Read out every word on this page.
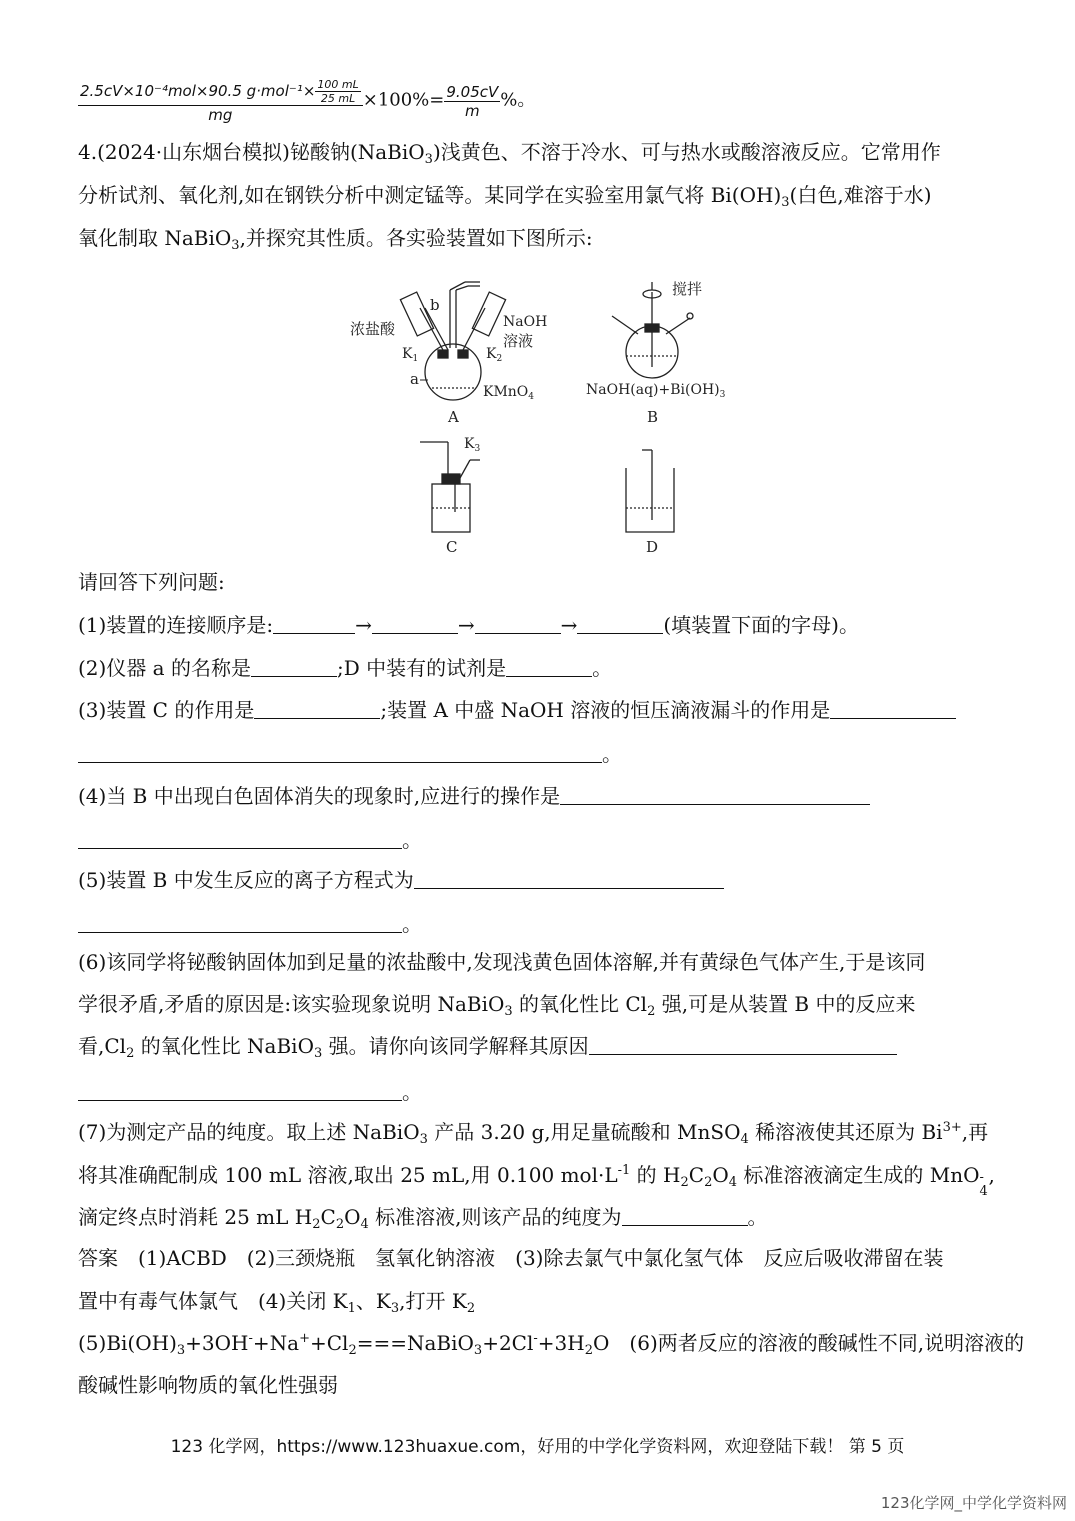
$\frac{2.5cV\times 10^{-4}mol\times 90.5 g\cdot mol^{-1}\times \frac{100 mL}{25 mL}}{mg} \times 100\%= \frac{9.05cV}{m}$ %。
4.(2024·山东烟台模拟)铋酸钠(NaBiO$_3$)浅黄色、不溶于冷水、可与热水或酸溶液反应。它常用作
分析试剂、氧化剂,如在钢铁分析中测定锰等。某同学在实验室用氯气将 $Bi(OH)_3$(白色,难溶于水)
氧化制取 NaBiO$_3$,并探究其性质。各实验装置如下图所示:
浓盐酸
b
NaOH
溶液
$K_1$	$K_2$
a
KMnO$_4$
A
搅拌
$NaOH(aq)+Bi(OH)_3$
B
$K_3$
C	D
请回答下列问题:
(1)装置的连接顺序是:	→	→	→	(填装置下面的字母)。
(2)仪器 a 的名称是	;D 中装有的试剂是	。
(3)装置 C 的作用是	;装置 A 中盛 NaOH 溶液的恒压滴液漏斗的作用是
。
(4)当 B 中出现白色固体消失的现象时,应进行的操作是
。
(5)装置 B 中发生反应的离子方程式为
。
(6)该同学将铋酸钠固体加到足量的浓盐酸中,发现浅黄色固体溶解,并有黄绿色气体产生,于是该同
学很矛盾,矛盾的原因是:该实验现象说明 NaBiO$_3$ 的氧化性比 $Cl_2$ 强,可是从装置 B 中的反应来
看$,Cl_2$ 的氧化性比 NaBiO$_3$ 强。请你向该同学解释其原因
。
(7)为测定产品的纯度。取上述 NaBiO$_3$ 产品 3.20 g,用足量硫酸和 MnSO$_4$ 稀溶液使其还原为 $Bi^{3+}$,再
将其准确配制成 100 mL 溶液,取出 25 mL,用 0.100 $mol\cdot L^{-1}$ 的 $H_2C_2O_4$ 标准溶液滴定生成的 MnO -
4
,
滴定终点时消耗 25 mL $H_2C_2O_4$ 标准溶液,则该产品的纯度为	。
答案　(1)ACBD　(2)三颈烧瓶　氢氧化钠溶液　(3)除去氯气中氯化氢气体　反应后吸收滞留在装
置中有毒气体氯气　(4)关闭 $K_1$、$K_3$,打开 $K_2$
$(5)Bi(OH)_3+3OH^-+Na^++Cl_2===NaBiO_3+2Cl^-+3H_2O$　(6)两者反应的溶液的酸碱性不同,说明溶液的
酸碱性影响物质的氧化性强弱
123 化学网，https://www.123huaxue.com，好用的中学化学资料网，欢迎登陆下载！ 第 5 页
123化学网_中学化学资料网
